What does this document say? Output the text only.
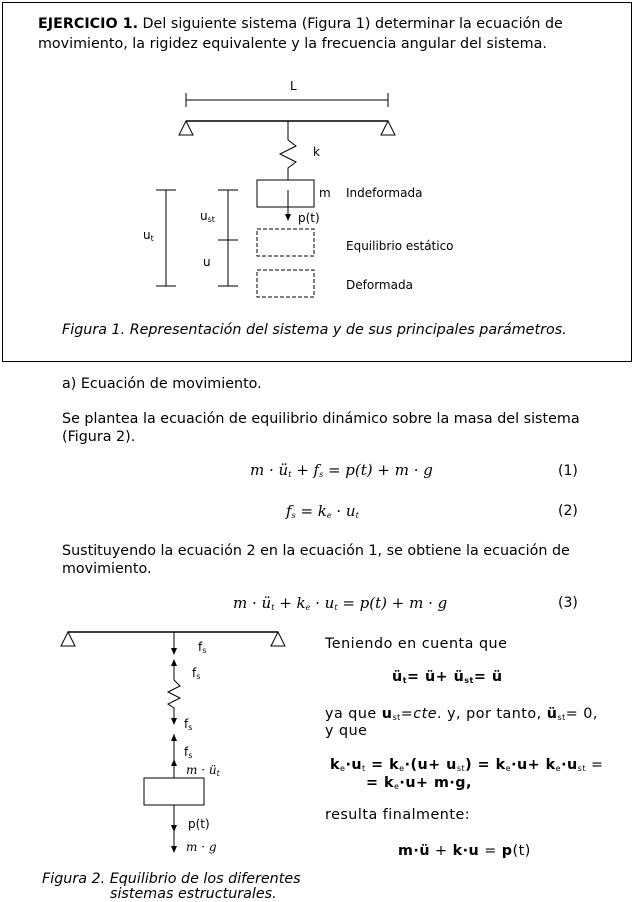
EJERCICIO 1. Del siguiente sistema (Figura 1) determinar la ecuación de
movimiento, la rigidez equivalente y la frecuencia angular del sistema.
L
k
m Indeformada
p(t)
$u_t$
$u_{st}$
u
Equilibrio estático
Deformada
Figura 1. Representación del sistema y de sus principales parámetros.
a) Ecuación de movimiento.
Se plantea la ecuación de equilibrio dinámico sobre la masa del sistema
(Figura 2).
$m \cdot ü_t + f_s = p(t) + m \cdot g$	(1)
$f_s = k_e \cdot u_t$	(2)
Sustituyendo la ecuación 2 en la ecuación 1, se obtiene la ecuación de
movimiento.
$m \cdot ü_t + k_e \cdot u_t = p(t) + m \cdot g$	(3)
$f_s$
$f_s$
$f_s$
$f_s$
$m \cdot ü_t$
p(t)
m · g
Figura 2. Equilibrio de los diferentes
sistemas estructurales.
Teniendo en cuenta que
$ü_t=$ ü+ $ü_{st}=$ ü
ya que $u_{st}=cte$. y, por tanto, $ü_{st}= 0$,
y que
$k_e\cdot u_t = k_e\cdot(u+ u_{st}) = k_e\cdot u+ k_e\cdot u_{st}$ =
= $k_e\cdot u+ m\cdot g$,
resulta finalmente:
m·ü + k·u = p(t)
